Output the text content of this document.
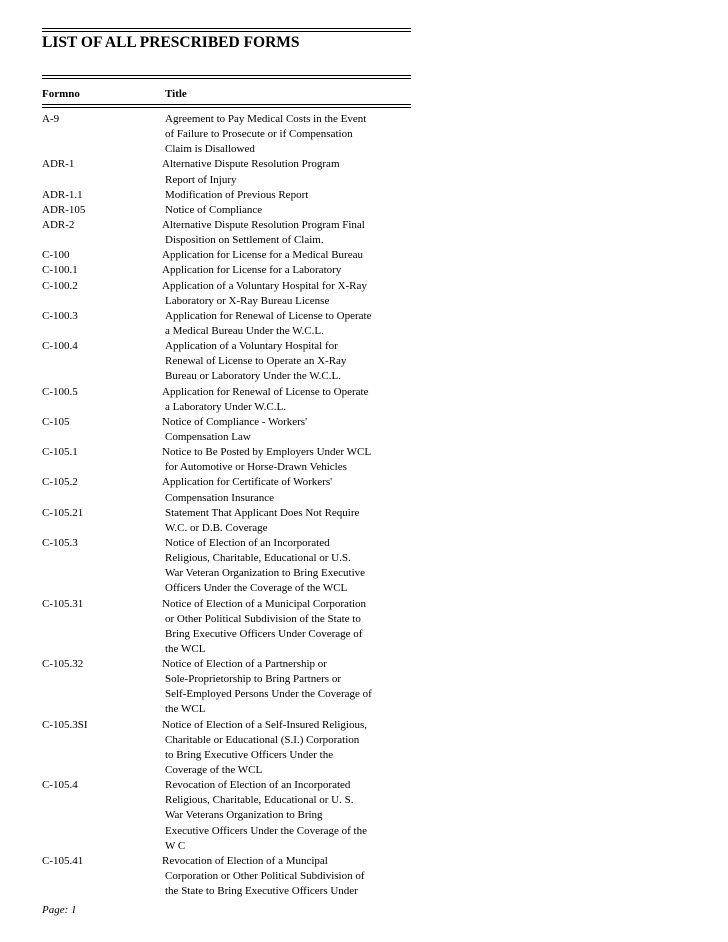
LIST OF ALL PRESCRIBED FORMS
Formno	Title
A-9	Agreement to Pay Medical Costs in the Event
of Failure to Prosecute or if Compensation
Claim is Disallowed
ADR-1	Alternative Dispute Resolution Program
Report of Injury
ADR-1.1	Modification of Previous Report
ADR-105	Notice of Compliance
ADR-2	Alternative Dispute Resolution Program Final
Disposition on Settlement of Claim.
C-100	Application for License for a Medical Bureau
C-100.1	Application for License for a Laboratory
C-100.2	Application of a Voluntary Hospital for X-Ray
Laboratory or X-Ray Bureau License
C-100.3	Application for Renewal of License to Operate
a Medical Bureau Under the W.C.L.
C-100.4	Application of a Voluntary Hospital for
Renewal of License to Operate an X-Ray
Bureau or Laboratory Under the W.C.L.
C-100.5	Application for Renewal of License to Operate
a Laboratory Under W.C.L.
C-105	Notice of Compliance - Workers'
Compensation Law
C-105.1	Notice to Be Posted by Employers Under WCL
for Automotive or Horse-Drawn Vehicles
C-105.2	Application for Certificate of Workers'
Compensation Insurance
C-105.21	Statement That Applicant Does Not Require
W.C. or D.B. Coverage
C-105.3	Notice of Election of an Incorporated
Religious, Charitable, Educational or U.S.
War Veteran Organization to Bring Executive
Officers Under the Coverage of the WCL
C-105.31	Notice of Election of a Municipal Corporation
or Other Political Subdivision of the State to
Bring Executive Officers Under Coverage of
the WCL
C-105.32	Notice of Election of a Partnership or
Sole-Proprietorship to Bring Partners or
Self-Employed Persons Under the Coverage of
the WCL
C-105.3SI	Notice of Election of a Self-Insured Religious,
Charitable or Educational (S.I.) Corporation
to Bring Executive Officers Under the
Coverage of the WCL
C-105.4	Revocation of Election of an Incorporated
Religious, Charitable, Educational or U. S.
War Veterans Organization to Bring
Executive Officers Under the Coverage of the
W C
C-105.41	Revocation of Election of a Muncipal
Corporation or Other Political Subdivision of
the State to Bring Executive Officers Under
Page: 1
